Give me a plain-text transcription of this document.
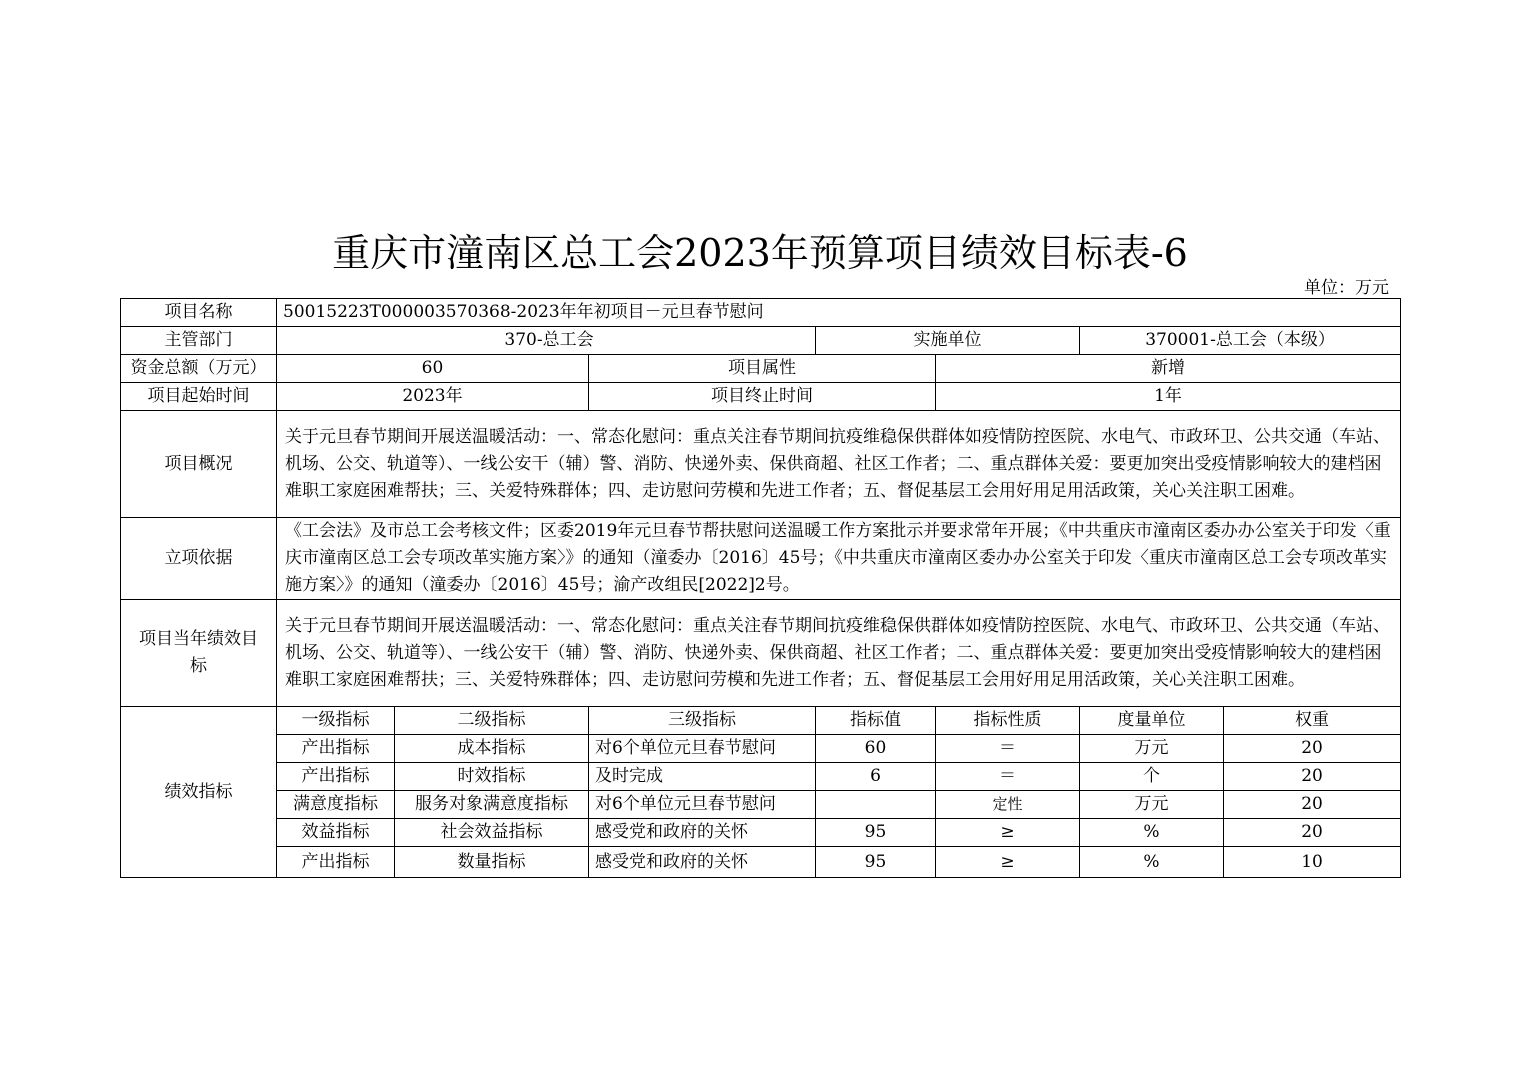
重庆市潼南区总工会2023年预算项目绩效目标表-6
单位：万元
项目名称	50015223T000003570368-2023年年初项目－元旦春节慰问						
主管部门	370-总工会			实施单位		370001-总工会（本级）	
资金总额（万元）	60		项目属性		新增		
项目起始时间	2023年		项目终止时间		1年		
项目概况	关于元旦春节期间开展送温暖活动：一、常态化慰问：重点关注春节期间抗疫维稳保供群体如疫情防控医院、水电气、市政环卫、公共交通（车站、机场、公交、轨道等）、一线公安干（辅）警、消防、快递外卖、保供商超、社区工作者；二、重点群体关爱：要更加突出受疫情影响较大的建档困难职工家庭困难帮扶；三、关爱特殊群体；四、走访慰问劳模和先进工作者；五、督促基层工会用好用足用活政策，关心关注职工困难。						
立项依据	《工会法》及市总工会考核文件；区委2019年元旦春节帮扶慰问送温暖工作方案批示并要求常年开展；《中共重庆市潼南区委办办公室关于印发〈重庆市潼南区总工会专项改革实施方案〉》的通知（潼委办〔2016〕45号；《中共重庆市潼南区委办办公室关于印发〈重庆市潼南区总工会专项改革实施方案〉》的通知（潼委办〔2016〕45号；渝产改组民[2022]2号。						
项目当年绩效目标	关于元旦春节期间开展送温暖活动：一、常态化慰问：重点关注春节期间抗疫维稳保供群体如疫情防控医院、水电气、市政环卫、公共交通（车站、机场、公交、轨道等）、一线公安干（辅）警、消防、快递外卖、保供商超、社区工作者；二、重点群体关爱：要更加突出受疫情影响较大的建档困难职工家庭困难帮扶；三、关爱特殊群体；四、走访慰问劳模和先进工作者；五、督促基层工会用好用足用活政策，关心关注职工困难。						
绩效指标	一级指标	二级指标	三级指标	指标值	指标性质	度量单位	权重
	产出指标	成本指标	对6个单位元旦春节慰问	60	＝	万元	20
	产出指标	时效指标	及时完成	6	＝	个	20
	满意度指标	服务对象满意度指标	对6个单位元旦春节慰问		定性	万元	20
	效益指标	社会效益指标	感受党和政府的关怀	95	≥	%	20
	产出指标	数量指标	感受党和政府的关怀	95	≥	%	10
